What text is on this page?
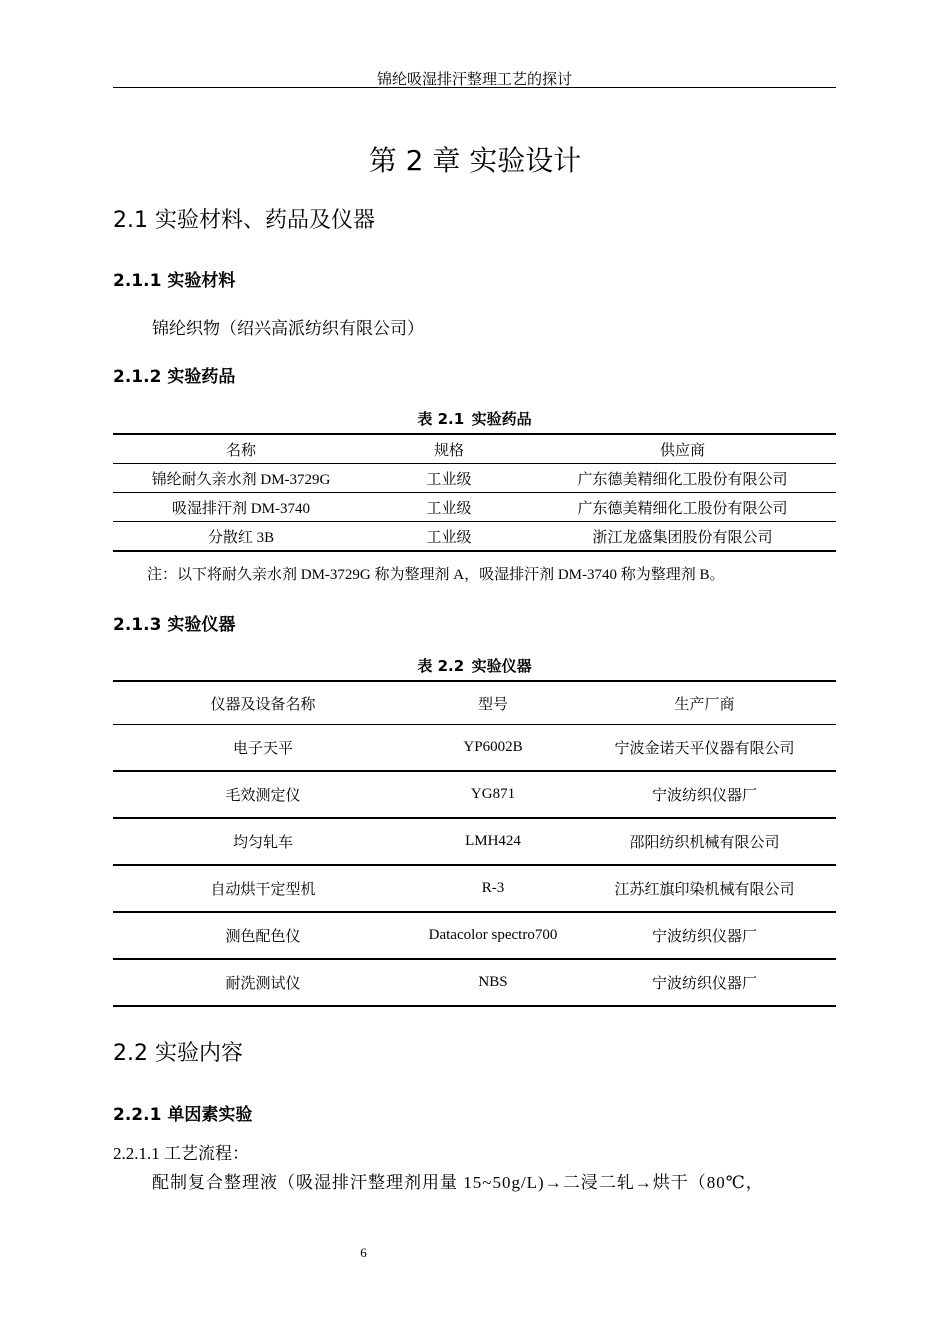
锦纶吸湿排汗整理工艺的探讨
第 2 章 实验设计
2.1 实验材料、药品及仪器
2.1.1 实验材料
锦纶织物（绍兴高派纺织有限公司）
2.1.2 实验药品
表 2.1 实验药品
名称	规格	供应商
锦纶耐久亲水剂 DM-3729G	工业级	广东德美精细化工股份有限公司
吸湿排汗剂 DM-3740	工业级	广东德美精细化工股份有限公司
分散红 3B	工业级	浙江龙盛集团股份有限公司
注：以下将耐久亲水剂 DM-3729G 称为整理剂 A，吸湿排汗剂 DM-3740 称为整理剂 B。
2.1.3 实验仪器
表 2.2 实验仪器
仪器及设备名称	型号	生产厂商
电子天平	YP6002B	宁波金诺天平仪器有限公司
毛效测定仪	YG871	宁波纺织仪器厂
均匀轧车	LMH424	邵阳纺织机械有限公司
自动烘干定型机	R-3	江苏红旗印染机械有限公司
测色配色仪	Datacolor spectro700	宁波纺织仪器厂
耐洗测试仪	NBS	宁波纺织仪器厂
2.2 实验内容
2.2.1 单因素实验
2.2.1.1 工艺流程：
配制复合整理液（吸湿排汗整理剂用量 15~50g/L)→二浸二轧→烘干（80℃，
6
